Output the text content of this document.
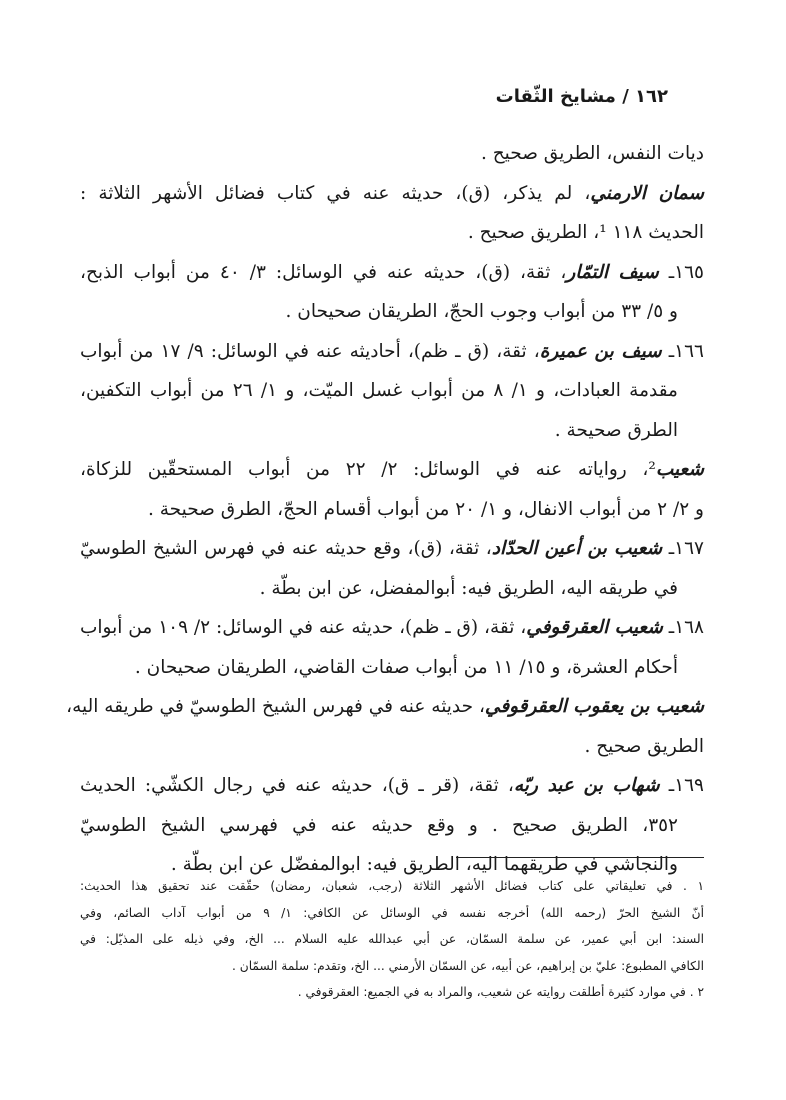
١٦٢ / مشايخ الثّقات
ديات النفس، الطريق صحيح .
سمان الارمني، لم يذكر، (ق)، حديثه عنه في كتاب فضائل الأشهر الثلاثة :
الحديث ١١٨ ¹، الطريق صحيح .
١٦٥ـ سيف التمّار، ثقة، (ق)، حديثه عنه في الوسائل: ٣/ ٤٠ من أبواب الذبح،
و ٥/ ٣٣ من أبواب وجوب الحجّ، الطريقان صحيحان .
١٦٦ـ سيف بن عميرة، ثقة، (ق ـ ظم)، أحاديثه عنه في الوسائل: ٩/ ١٧ من أبواب
مقدمة العبادات، و ١/ ٨ من أبواب غسل الميّت، و ١/ ٢٦ من أبواب التكفين،
الطرق صحيحة .
شعيب²، رواياته عنه في الوسائل: ٢/ ٢٢ من أبواب المستحقّين للزكاة،
و ٢/ ٢ من أبواب الانفال، و ١/ ٢٠ من أبواب أقسام الحجّ، الطرق صحيحة .
١٦٧ـ شعيب بن أعين الحدّاد، ثقة، (ق)، وقع حديثه عنه في فهرس الشيخ الطوسيّ
في طريقه اليه، الطريق فيه: أبوالمفضل، عن ابن بطّة .
١٦٨ـ شعيب العقرقوفي، ثقة، (ق ـ ظم)، حديثه عنه في الوسائل: ٢/ ١٠٩ من أبواب
أحكام العشرة، و ١٥/ ١١ من أبواب صفات القاضي، الطريقان صحيحان .
شعيب بن يعقوب العقرقوفي، حديثه عنه في فهرس الشيخ الطوسيّ في طريقه اليه،
الطريق صحيح .
١٦٩ـ شهاب بن عبد ربّه، ثقة، (قر ـ ق)، حديثه عنه في رجال الكشّي: الحديث
٣٥٢، الطريق صحيح . و وقع حديثه عنه في فهرسي الشيخ الطوسيّ
والنجاشي في طريقهما اليه، الطريق فيه: ابوالمفضّل عن ابن بطّة .
١ . في تعليقاتي على كتاب فضائل الأشهر الثلاثة (رجب، شعبان، رمضان) حقّقت عند تحقيق هذا الحديث:
أنّ الشيخ الحرّ (رحمه الله) أخرجه نفسه في الوسائل عن الكافي: ١/ ٩ من أبواب آداب الصائم، وفي
السند: ابن أبي عمير، عن سلمة السمّان، عن أبي عبدالله عليه السلام ... الخ، وفي ذيله على المذيّل: في
الكافي المطبوع: عليّ بن إبراهيم، عن أبيه، عن السمّان الأرمني ... الخ، وتقدم: سلمة السمّان .
٢ . في موارد كثيرة أطلقت روايته عن شعيب، والمراد به في الجميع: العقرقوفي .
